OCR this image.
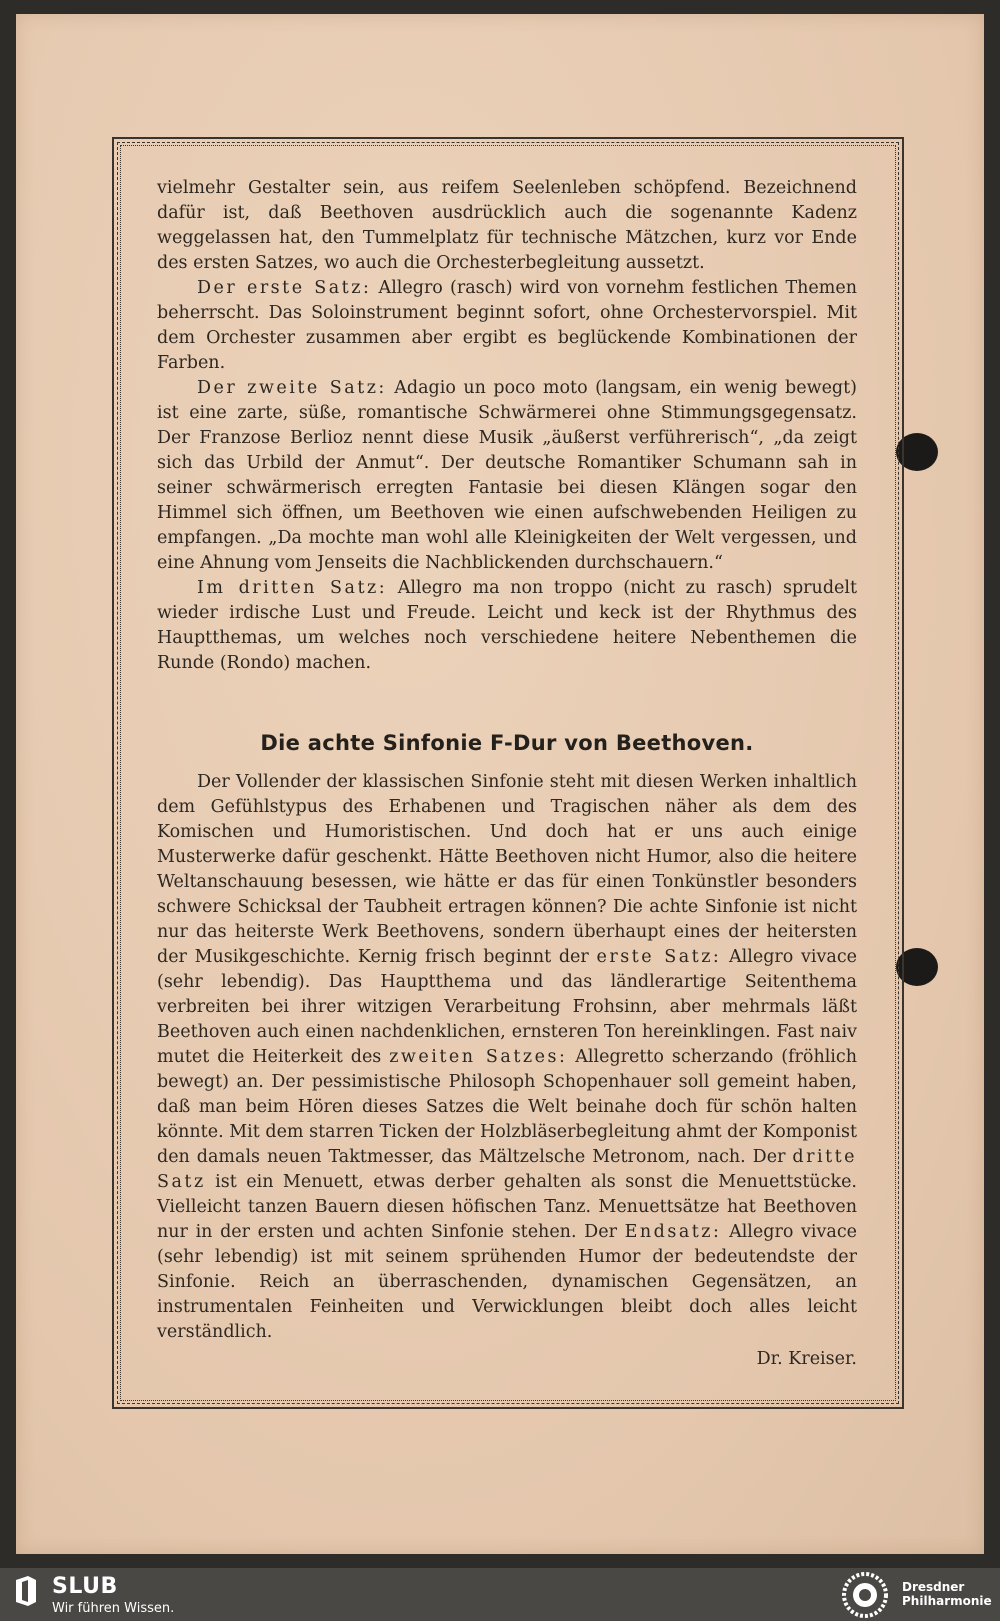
vielmehr Gestalter sein, aus reifem Seelenleben schöpfend. Bezeichnend dafür ist, daß Beethoven ausdrücklich auch die sogenannte Kadenz weggelassen hat, den Tummelplatz für technische Mätzchen, kurz vor Ende des ersten Satzes, wo auch die Orchesterbegleitung aussetzt.

Der erste Satz: Allegro (rasch) wird von vornehm festlichen Themen beherrscht. Das Soloinstrument beginnt sofort, ohne Orchestervorspiel. Mit dem Orchester zusammen aber ergibt es beglückende Kombinationen der Farben.

Der zweite Satz: Adagio un poco moto (langsam, ein wenig bewegt) ist eine zarte, süße, romantische Schwärmerei ohne Stimmungsgegensatz. Der Franzose Berlioz nennt diese Musik „äußerst verführerisch“, „da zeigt sich das Urbild der Anmut“. Der deutsche Romantiker Schumann sah in seiner schwärmerisch erregten Fantasie bei diesen Klängen sogar den Himmel sich öffnen, um Beethoven wie einen aufschwebenden Heiligen zu empfangen. „Da mochte man wohl alle Kleinigkeiten der Welt vergessen, und eine Ahnung vom Jenseits die Nachblickenden durchschauern.“

Im dritten Satz: Allegro ma non troppo (nicht zu rasch) sprudelt wieder irdische Lust und Freude. Leicht und keck ist der Rhythmus des Hauptthemas, um welches noch verschiedene heitere Nebenthemen die Runde (Rondo) machen.

Die achte Sinfonie F-Dur von Beethoven.

Der Vollender der klassischen Sinfonie steht mit diesen Werken inhaltlich dem Gefühlstypus des Erhabenen und Tragischen näher als dem des Komischen und Humoristischen. Und doch hat er uns auch einige Musterwerke dafür geschenkt. Hätte Beethoven nicht Humor, also die heitere Weltanschauung besessen, wie hätte er das für einen Tonkünstler besonders schwere Schicksal der Taubheit ertragen können? Die achte Sinfonie ist nicht nur das heiterste Werk Beethovens, sondern überhaupt eines der heitersten der Musikgeschichte. Kernig frisch beginnt der erste Satz: Allegro vivace (sehr lebendig). Das Hauptthema und das ländlerartige Seitenthema verbreiten bei ihrer witzigen Verarbeitung Frohsinn, aber mehrmals läßt Beethoven auch einen nachdenklichen, ernsteren Ton hereinklingen. Fast naiv mutet die Heiterkeit des zweiten Satzes: Allegretto scherzando (fröhlich bewegt) an. Der pessimistische Philosoph Schopenhauer soll gemeint haben, daß man beim Hören dieses Satzes die Welt beinahe doch für schön halten könnte. Mit dem starren Ticken der Holzbläserbegleitung ahmt der Komponist den damals neuen Taktmesser, das Mältzelsche Metronom, nach. Der dritte Satz ist ein Menuett, etwas derber gehalten als sonst die Menuettstücke. Vielleicht tanzen Bauern diesen höfischen Tanz. Menuettsätze hat Beethoven nur in der ersten und achten Sinfonie stehen. Der Endsatz: Allegro vivace (sehr lebendig) ist mit seinem sprühenden Humor der bedeutendste der Sinfonie. Reich an überraschenden, dynamischen Gegensätzen, an instrumentalen Feinheiten und Verwicklungen bleibt doch alles leicht verständlich.

Dr. Kreiser.
SLUB
Wir führen Wissen.
Dresdner
Philharmonie
